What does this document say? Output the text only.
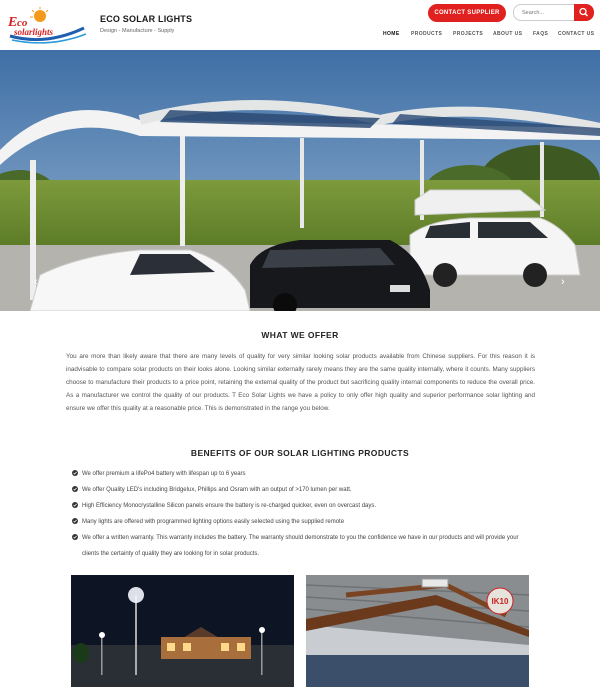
E co
solarlights
ECO SOLAR LIGHTS
Design - Manufacture - Supply
CONTACT SUPPLIER
Search...
HOME PRODUCTS PROJECTS ABOUT US FAQS CONTACT US
‹	›
WHAT WE OFFER

You are more than likely aware that there are many levels of quality for very similar looking solar products available from Chinese suppliers. For this reason it is inadvisable to compare solar products on their looks alone. Looking similar externally rarely means they are the same quality internally, where it counts. Many suppliers choose to manufacture their products to a price point, retaining the external quality of the product but sacrificing quality internal components to reduce the overall price. As a manufacturer we control the quality of our products. T Eco Solar Lights we have a policy to only offer high quality and superior performance solar lighting and ensure we offer this quality at a reasonable price. This is demonstrated in the range you below.

BENEFITS OF OUR SOLAR LIGHTING PRODUCTS
We offer premium a lifePo4 battery with lifespan up to 6 years
We offer Quality LED's including Bridgelux, Phillips and Osram with an output of >170 lumen per watt.
High Efficiency Monocrystalline Silicon panels ensure the battery is re-charged quicker, even on overcast days.
Many lights are offered with programmed lighting options easily selected using the supplied remote
We offer a written warranty. This warranty includes the battery. The warranty should demonstrate to you the confidence we have in our products and will provide your clients the certainty of quality they are looking for in solar products.
IK10
